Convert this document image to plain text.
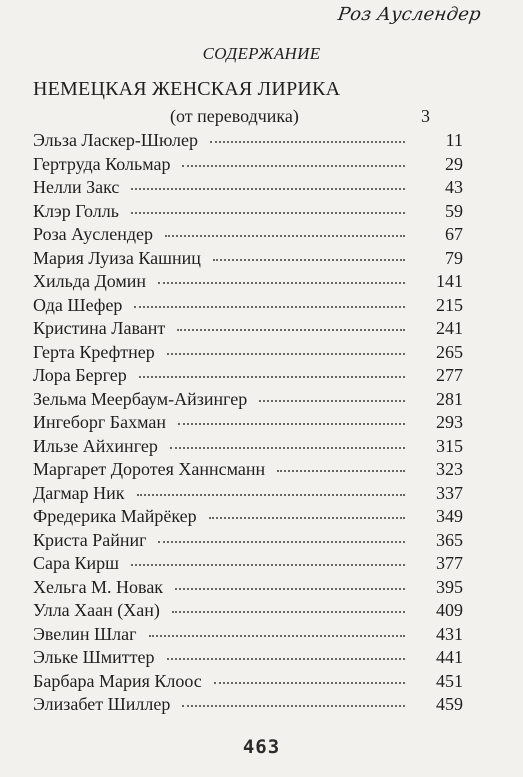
Роз Ауслендер
СОДЕРЖАНИЕ
НЕМЕЦКАЯ ЖЕНСКАЯ ЛИРИКА
(от переводчика)	3
Эльза Ласкер-Шюлер	11
Гертруда Кольмар	29
Нелли Закс	43
Клэр Голль	59
Роза Ауслендер	67
Мария Луиза Кашниц	79
Хильда Домин	141
Ода Шефер	215
Кристина Лавант	241
Герта Крефтнер	265
Лора Бергер	277
Зельма Меербаум-Айзингер	281
Ингеборг Бахман	293
Ильзе Айхингер	315
Маргарет Доротея Ханнсманн	323
Дагмар Ник	337
Фредерика Майрёкер	349
Криста Райниг	365
Сара Кирш	377
Хельга М. Новак	395
Улла Хаан (Хан)	409
Эвелин Шлаг	431
Эльке Шмиттер	441
Барбара Мария Клоос	451
Элизабет Шиллер	459
463
